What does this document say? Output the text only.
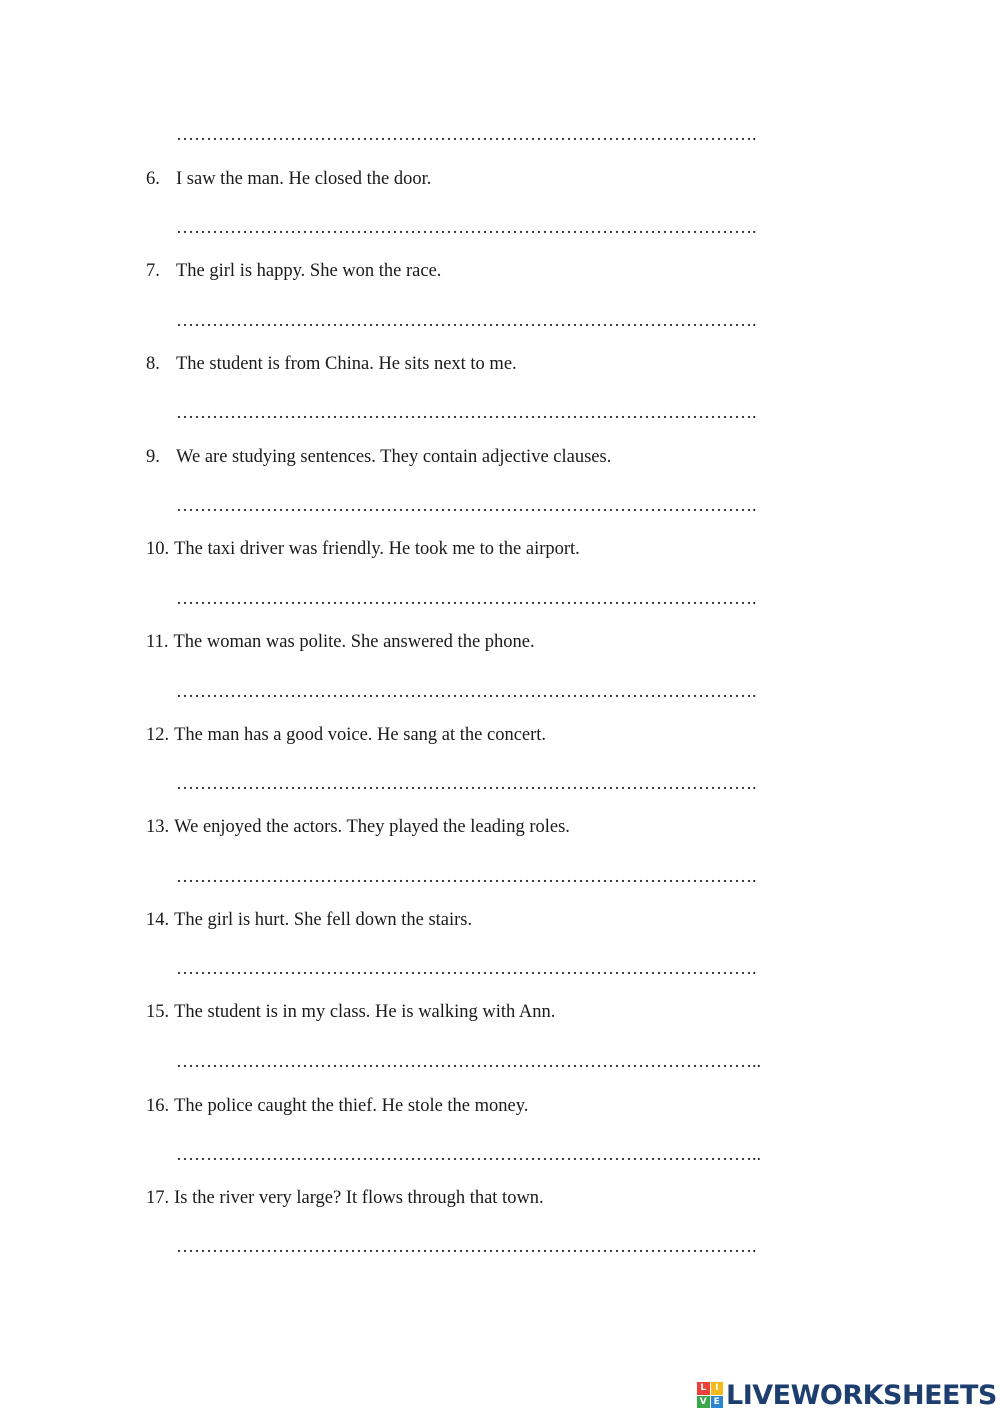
…………………………………………………………………………………….
6. I saw the man. He closed the door.
…………………………………………………………………………………….
7. The girl is happy. She won the race.
…………………………………………………………………………………….
8. The student is from China. He sits next to me.
…………………………………………………………………………………….
9. We are studying sentences. They contain adjective clauses.
…………………………………………………………………………………….
10. The taxi driver was friendly. He took me to the airport.
…………………………………………………………………………………….
11. The woman was polite. She answered the phone.
…………………………………………………………………………………….
12. The man has a good voice. He sang at the concert.
…………………………………………………………………………………….
13. We enjoyed the actors. They played the leading roles.
…………………………………………………………………………………….
14. The girl is hurt. She fell down the stairs.
…………………………………………………………………………………….
15. The student is in my class. He is walking with Ann.
……………………………………………………………………………………..
16. The police caught the thief. He stole the money.
……………………………………………………………………………………..
17. Is the river very large? It flows through that town.
…………………………………………………………………………………….
L I
V E LIVEWORKSHEETS
